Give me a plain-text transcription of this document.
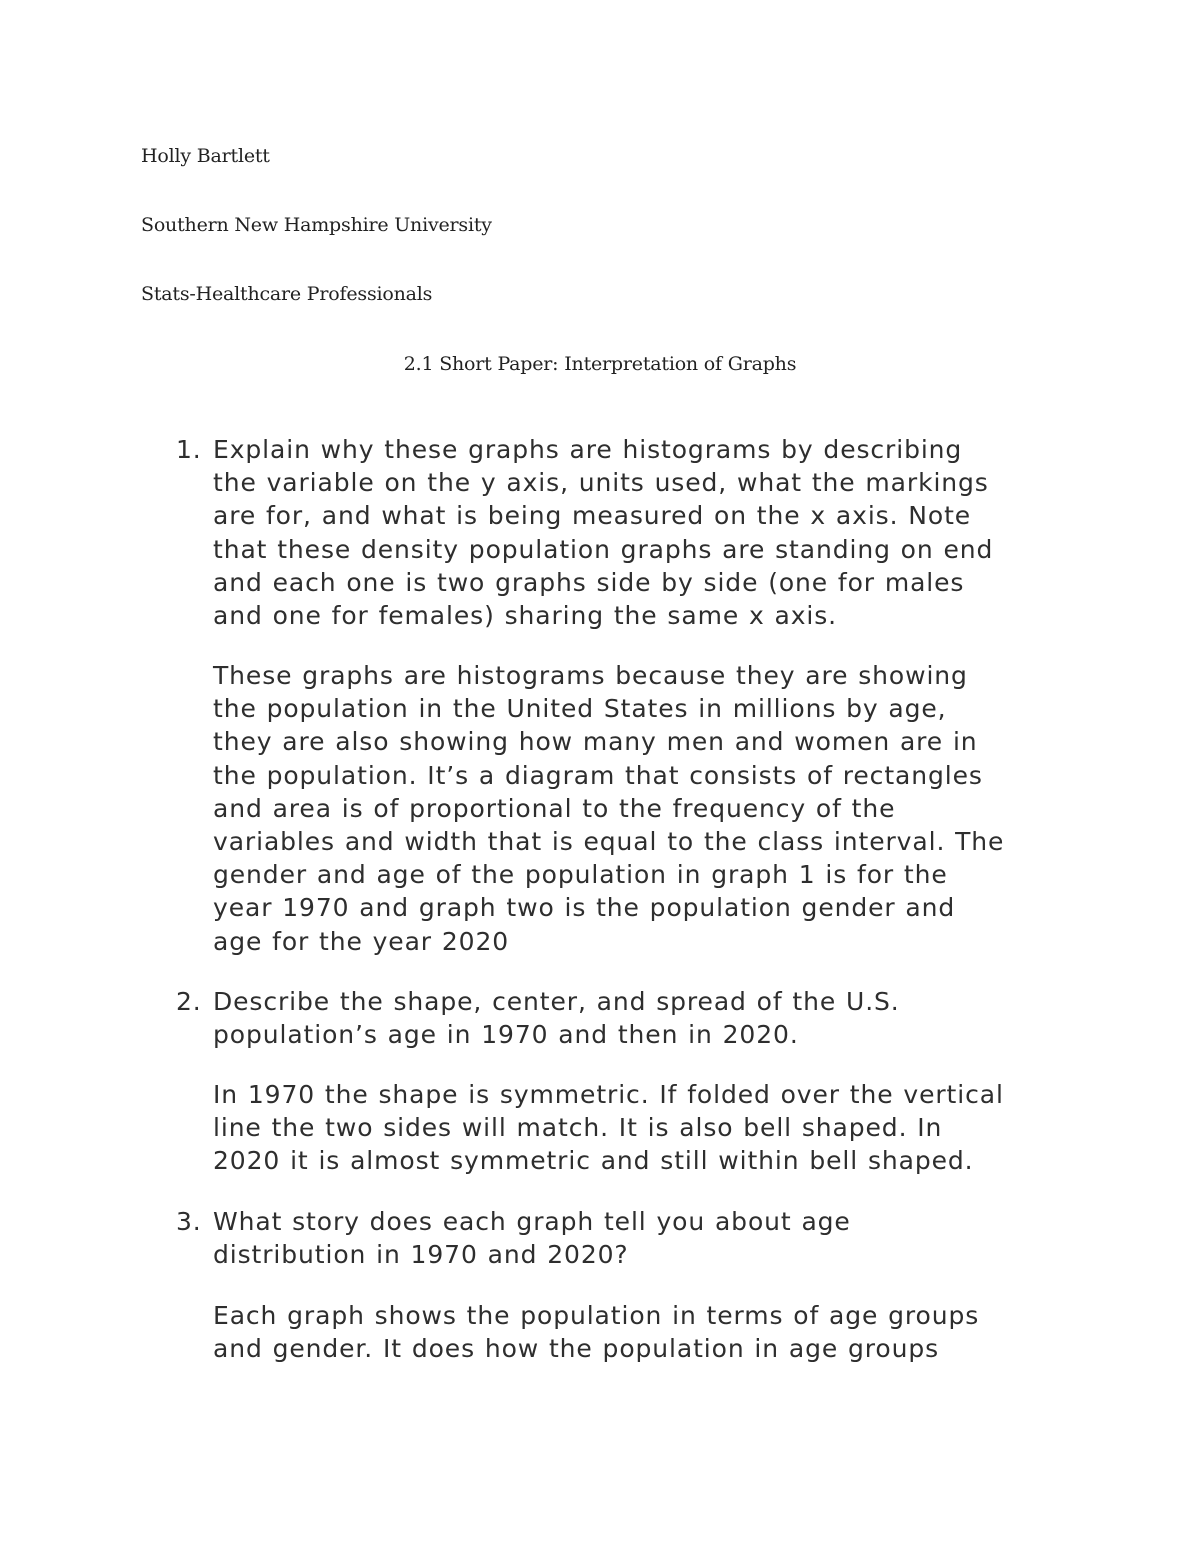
Holly Bartlett
Southern New Hampshire University
Stats-Healthcare Professionals
2.1 Short Paper: Interpretation of Graphs
1. Explain why these graphs are histograms by describing
the variable on the y axis, units used, what the markings
are for, and what is being measured on the x axis. Note
that these density population graphs are standing on end
and each one is two graphs side by side (one for males
and one for females) sharing the same x axis.
These graphs are histograms because they are showing
the population in the United States in millions by age,
they are also showing how many men and women are in
the population. It’s a diagram that consists of rectangles
and area is of proportional to the frequency of the
variables and width that is equal to the class interval. The
gender and age of the population in graph 1 is for the
year 1970 and graph two is the population gender and
age for the year 2020
2. Describe the shape, center, and spread of the U.S.
population’s age in 1970 and then in 2020.
In 1970 the shape is symmetric. If folded over the vertical
line the two sides will match. It is also bell shaped. In
2020 it is almost symmetric and still within bell shaped.
3. What story does each graph tell you about age
distribution in 1970 and 2020?
Each graph shows the population in terms of age groups
and gender. It does how the population in age groups
